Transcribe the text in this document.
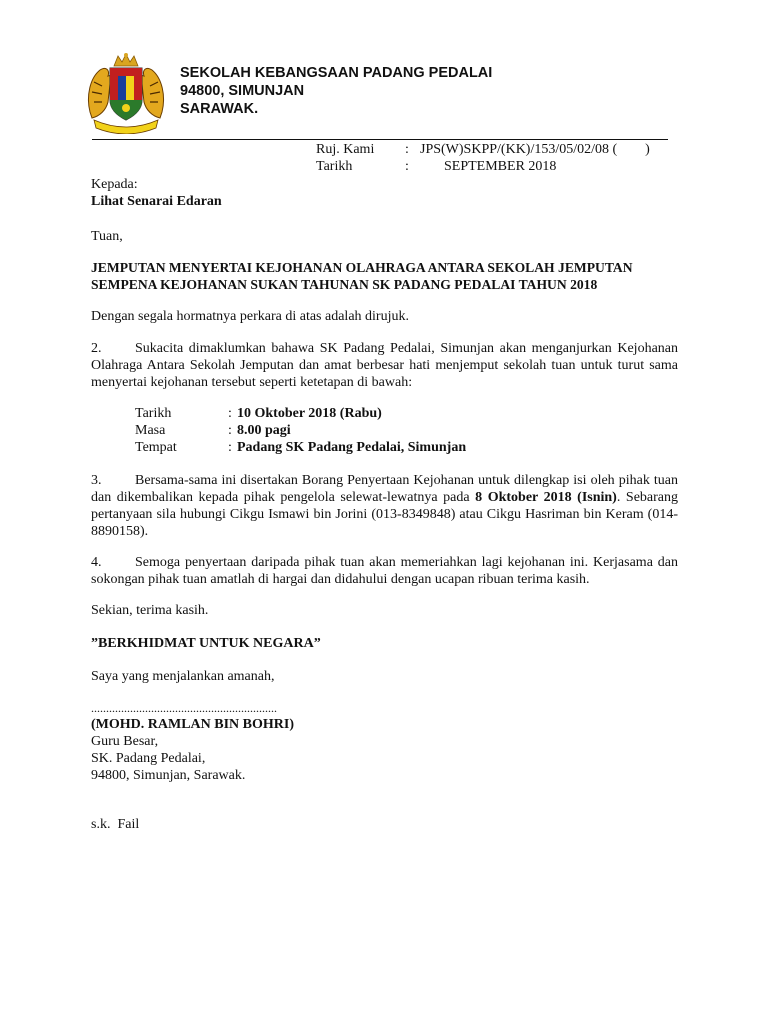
SEKOLAH KEBANGSAAN PADANG PEDALAI
94800, SIMUNJAN
SARAWAK.
Ruj. Kami : JPS(W)SKPP/(KK)/153/05/02/08 (        )
Tarikh	:	SEPTEMBER 2018
Kepada:
Lihat Senarai Edaran
Tuan,
JEMPUTAN MENYERTAI KEJOHANAN OLAHRAGA ANTARA SEKOLAH JEMPUTAN
SEMPENA KEJOHANAN SUKAN TAHUNAN SK PADANG PEDALAI TAHUN 2018
Dengan segala hormatnya perkara di atas adalah dirujuk.
2. Sukacita dimaklumkan bahawa SK Padang Pedalai, Simunjan akan menganjurkan Kejohanan Olahraga Antara Sekolah Jemputan dan amat berbesar hati menjemput sekolah tuan untuk turut sama menyertai kejohanan tersebut seperti ketetapan di bawah:
Tarikh	: 10 Oktober 2018 (Rabu)
Masa	: 8.00 pagi
Tempat	: Padang SK Padang Pedalai, Simunjan
3. Bersama-sama ini disertakan Borang Penyertaan Kejohanan untuk dilengkap isi oleh pihak tuan dan dikembalikan kepada pihak pengelola selewat-lewatnya pada 8 Oktober 2018 (Isnin). Sebarang pertanyaan sila hubungi Cikgu Ismawi bin Jorini (013-8349848) atau Cikgu Hasriman bin Keram (014-8890158).
4. Semoga penyertaan daripada pihak tuan akan memeriahkan lagi kejohanan ini. Kerjasama dan sokongan pihak tuan amatlah di hargai dan didahului dengan ucapan ribuan terima kasih.
Sekian, terima kasih.
”BERKHIDMAT UNTUK NEGARA”
Saya yang menjalankan amanah,
..............................................................
(MOHD. RAMLAN BIN BOHRI)
Guru Besar,
SK. Padang Pedalai,
94800, Simunjan, Sarawak.
s.k.  Fail
